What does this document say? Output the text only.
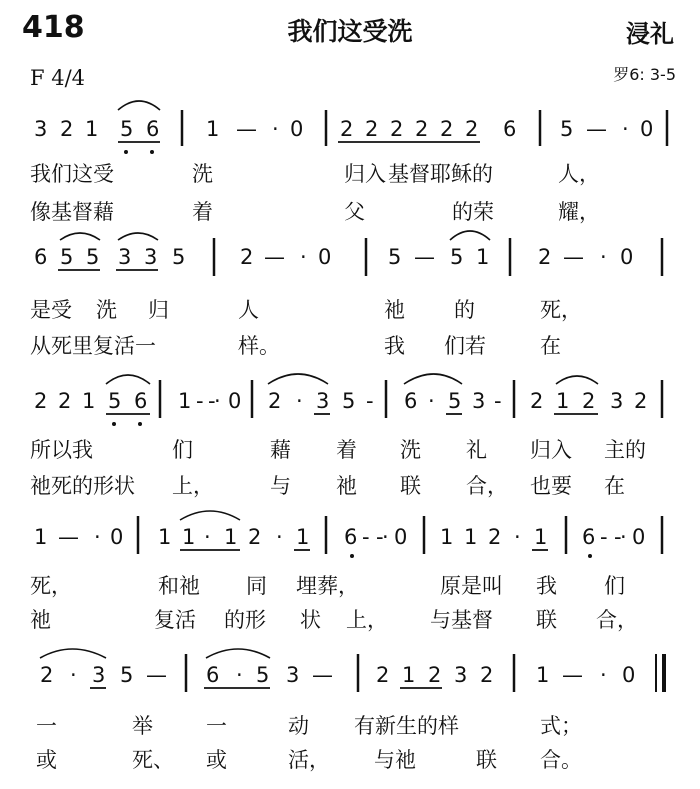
418	我们这受洗	浸礼
F 4/4	罗6: 3-5
3 2 1 5 6 1 — · 0 2 2 2 2 2 2 6 5 — · 0
6 5 5 3 3 5	2 — · 0	5 — 5 1 2 — · 0
2 2 1 5 6 1 - -· 0 2 · 3 5 - 6 · 5 3 - 2 1 2 3 2
1 — · 0 1 1 · 1 2 · 1 6 - -· 0 1 1 2 · 1 6 - -· 0
2 · 3 5 — 6 · 5 3 — 2 1 2 3 2 1 — · 0
我们这受	洗	归入 基督耶稣的	人，
像基督藉	着	父	的荣	耀，
是受 洗 归	人	祂 的	死，
从死里复活一	样。	我 们若	在
所以我	们	藉 着 洗 礼 归入 主的
祂死的形状 上，	与 祂 联 合， 也要 在
死，	和祂 同 埋葬，	原是叫 我 们
祂	复活 的形 状 上， 与基督 联 合，
一	举	一	动 有新生的样	式；
或	死、 或	活， 与祂	联 合。
